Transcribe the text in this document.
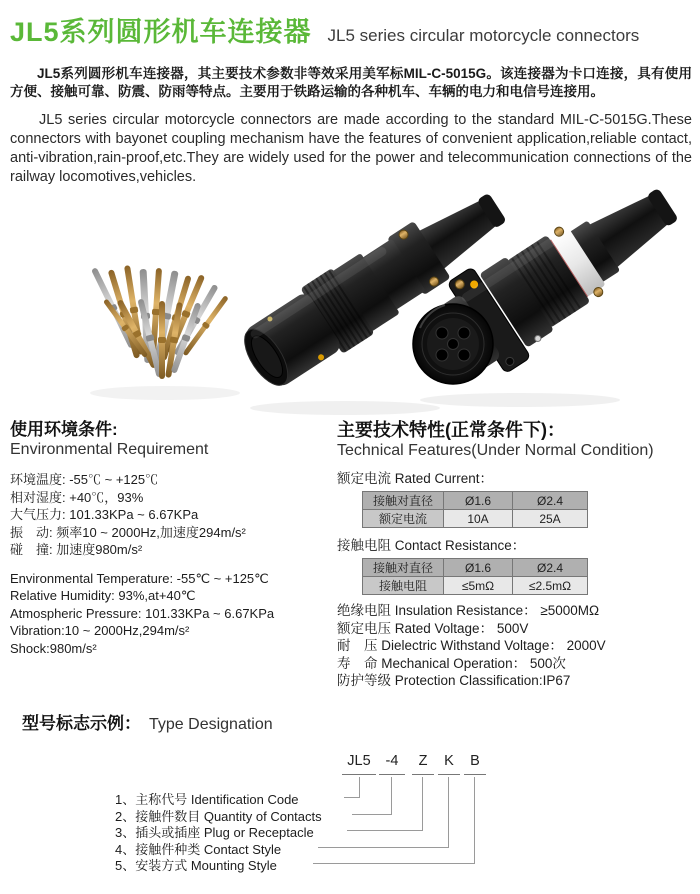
JL5系列圆形机车连接器 JL5 series circular motorcycle connectors

JL5系列圆形机车连接器，其主要技术参数非等效采用美军标MIL-C-5015G。该连接器为卡口连接，具有使用方便、接触可靠、防震、防雨等特点。主要用于铁路运输的各种机车、车辆的电力和电信号连接用。

JL5 series circular motorcycle connectors are made according to the standard MIL-C-5015G.These connectors with bayonet coupling mechanism have the features of convenient application,reliable contact, anti-vibration,rain-proof,etc.They are widely used for the power and telecommunication connections of the railway locomotives,vehicles.

使用环境条件:
Environmental Requirement
环境温度: -55℃ ~ +125℃
相对湿度: +40℃，93%
大气压力: 101.33KPa ~ 6.67KPa
振　动: 频率10 ~ 2000Hz,加速度294m/s²
碰　撞: 加速度980m/s²
Environmental Temperature: -55℃ ~ +125℃
Relative Humidity: 93%,at+40℃
Atmospheric Pressure: 101.33KPa ~ 6.67KPa
Vibration:10 ~ 2000Hz,294m/s²
Shock:980m/s²
主要技术特性(正常条件下)：
Technical Features(Under Normal Condition)
额定电流 Rated Current：
接触对直径	Ø1.6	Ø2.4
额定电流	10A	25A
接触电阻 Contact Resistance：
接触对直径	Ø1.6	Ø2.4
接触电阻	≤5mΩ	≤2.5mΩ
绝缘电阻 Insulation Resistance： ≥5000MΩ
额定电压 Rated Voltage： 500V
耐　压 Dielectric Withstand Voltage： 2000V
寿　命 Mechanical Operation： 500次
防护等级 Protection Classification:IP67
型号标志示例： Type Designation
JL5	-4	Z	K	B
1、主称代号 Identification Code
2、接触件数目 Quantity of Contacts
3、插头或插座 Plug or Receptacle
4、接触件种类 Contact Style
5、安装方式 Mounting Style
